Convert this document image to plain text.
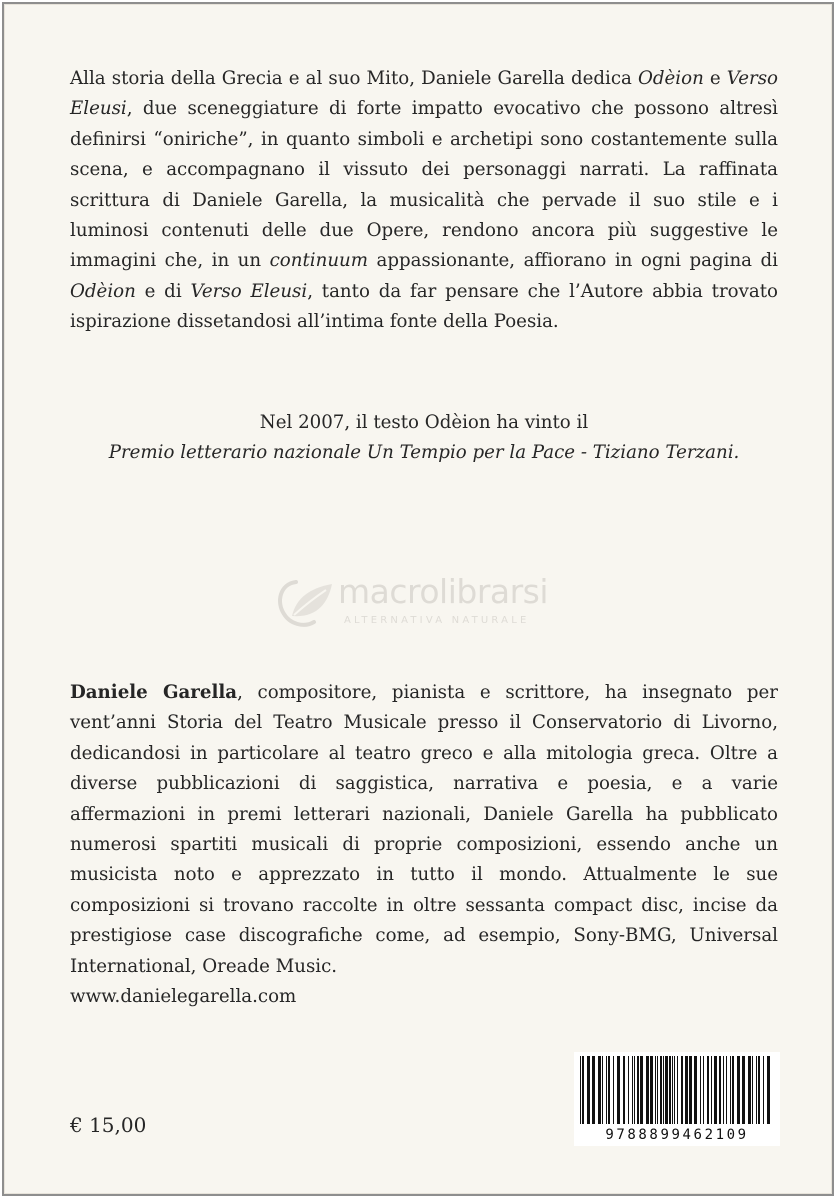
Alla storia della Grecia e al suo Mito, Daniele Garella dedica Odèion e Verso Eleusi, due sceneggiature di forte impatto evocativo che possono altresì definirsi “oniriche”, in quanto simboli e archetipi sono costantemente sulla scena, e accompagnano il vissuto dei personaggi narrati. La raffinata scrittura di Daniele Garella, la musicalità che pervade il suo stile e i luminosi contenuti delle due Opere, rendono ancora più suggestive le immagini che, in un continuum appassionante, affiorano in ogni pagina di Odèion e di Verso Eleusi, tanto da far pensare che l’Autore abbia trovato ispirazione dissetandosi all’intima fonte della Poesia.

Nel 2007, il testo Odèion ha vinto il
Premio letterario nazionale Un Tempio per la Pace - Tiziano Terzani.
macrolibrarsi
ALTERNATIVA NATURALE

Daniele Garella, compositore, pianista e scrittore, ha insegnato per vent’anni Storia del Teatro Musicale presso il Conservatorio di Livorno, dedicandosi in particolare al teatro greco e alla mitologia greca. Oltre a diverse pubblicazioni di saggistica, narrativa e poesia, e a varie affermazioni in premi letterari nazionali, Daniele Garella ha pubblicato numerosi spartiti musicali di proprie composizioni, essendo anche un musicista noto e apprezzato in tutto il mondo. Attualmente le sue composizioni si trovano raccolte in oltre sessanta compact disc, incise da prestigiose case discografiche come, ad esempio, Sony-BMG, Universal International, Oreade Music.
www.danielegarella.com

€ 15,00	9788899462109
